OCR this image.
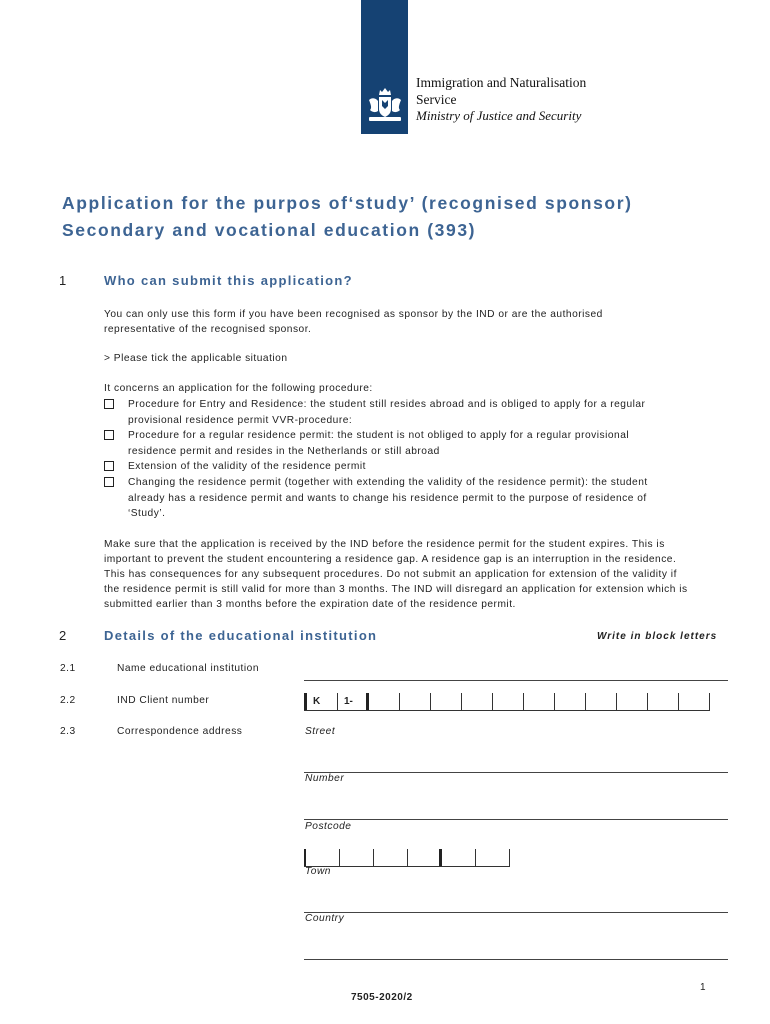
Immigration and Naturalisation
Service
Ministry of Justice and Security
Application for the purpos of‘study’ (recognised sponsor)
Secondary and vocational education (393)
1	Who can submit this application?
You can only use this form if you have been recognised as sponsor by the IND or are the authorised
representative of the recognised sponsor.
> Please tick the applicable situation
It concerns an application for the following procedure:
Procedure for Entry and Residence: the student still resides abroad and is obliged to apply for a regular
provisional residence permit VVR-procedure:
Procedure for a regular residence permit: the student is not obliged to apply for a regular provisional
residence permit and resides in the Netherlands or still abroad
Extension of the validity of the residence permit
Changing the residence permit (together with extending the validity of the residence permit): the student
already has a residence permit and wants to change his residence permit to the purpose of residence of
‘Study’.
Make sure that the application is received by the IND before the residence permit for the student expires. This is
important to prevent the student encountering a residence gap. A residence gap is an interruption in the residence.
This has consequences for any subsequent procedures. Do not submit an application for extension of the validity if
the residence permit is still valid for more than 3 months. The IND will disregard an application for extension which is
submitted earlier than 3 months before the expiration date of the residence permit.
2	Details of the educational institution	Write in block letters
2.1	Name educational institution
2.2	IND Client number	K	1-
2.3	Correspondence address	Street
Number
Postcode
Town
Country
1
7505-2020/2
